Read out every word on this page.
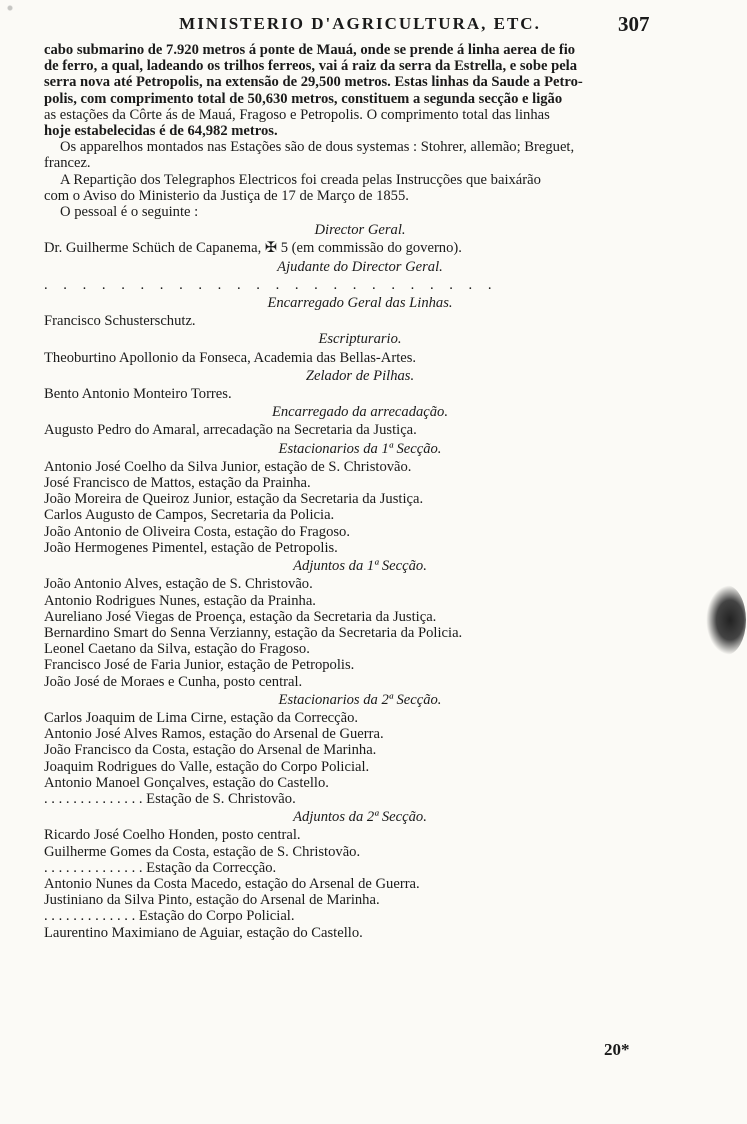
MINISTERIO D'AGRICULTURA, ETC.	307
cabo submarino de 7.920 metros á ponte de Mauá, onde se prende á linha aerea de fio
de ferro, a qual, ladeando os trilhos ferreos, vai á raiz da serra da Estrella, e sobe pela
serra nova até Petropolis, na extensão de 29,500 metros. Estas linhas da Saude a Petro-
polis, com comprimento total de 50,630 metros, constituem a segunda secção e ligão
as estações da Côrte ás de Mauá, Fragoso e Petropolis. O comprimento total das linhas
hoje estabelecidas é de 64,982 metros.
Os apparelhos montados nas Estações são de dous systemas : Stohrer, allemão; Breguet,
francez.
A Repartição dos Telegraphos Electricos foi creada pelas Instrucções que baixárão
com o Aviso do Ministerio da Justiça de 17 de Março de 1855.
O pessoal é o seguinte :
Director Geral.
Dr. Guilherme Schüch de Capanema, ✠ 5 (em commissão do governo).
Ajudante do Director Geral.
. . . . . . . . . . . . . . . . . . . . . . . .
Encarregado Geral das Linhas.
Francisco Schusterschutz.
Escripturario.
Theoburtino Apollonio da Fonseca, Academia das Bellas-Artes.
Zelador de Pilhas.
Bento Antonio Monteiro Torres.
Encarregado da arrecadação.
Augusto Pedro do Amaral, arrecadação na Secretaria da Justiça.
Estacionarios da 1ª Secção.
Antonio José Coelho da Silva Junior, estação de S. Christovão.
José Francisco de Mattos, estação da Prainha.
João Moreira de Queiroz Junior, estação da Secretaria da Justiça.
Carlos Augusto de Campos, Secretaria da Policia.
João Antonio de Oliveira Costa, estação do Fragoso.
João Hermogenes Pimentel, estação de Petropolis.
Adjuntos da 1ª Secção.
João Antonio Alves, estação de S. Christovão.
Antonio Rodrigues Nunes, estação da Prainha.
Aureliano José Viegas de Proença, estação da Secretaria da Justiça.
Bernardino Smart do Senna Verzianny, estação da Secretaria da Policia.
Leonel Caetano da Silva, estação do Fragoso.
Francisco José de Faria Junior, estação de Petropolis.
João José de Moraes e Cunha, posto central.
Estacionarios da 2ª Secção.
Carlos Joaquim de Lima Cirne, estação da Correcção.
Antonio José Alves Ramos, estação do Arsenal de Guerra.
João Francisco da Costa, estação do Arsenal de Marinha.
Joaquim Rodrigues do Valle, estação do Corpo Policial.
Antonio Manoel Gonçalves, estação do Castello.
. . . . . . . . . . . . . . Estação de S. Christovão.
Adjuntos da 2ª Secção.
Ricardo José Coelho Honden, posto central.
Guilherme Gomes da Costa, estação de S. Christovão.
. . . . . . . . . . . . . . Estação da Correcção.
Antonio Nunes da Costa Macedo, estação do Arsenal de Guerra.
Justiniano da Silva Pinto, estação do Arsenal de Marinha.
. . . . . . . . . . . . . Estação do Corpo Policial.
Laurentino Maximiano de Aguiar, estação do Castello.
20*
